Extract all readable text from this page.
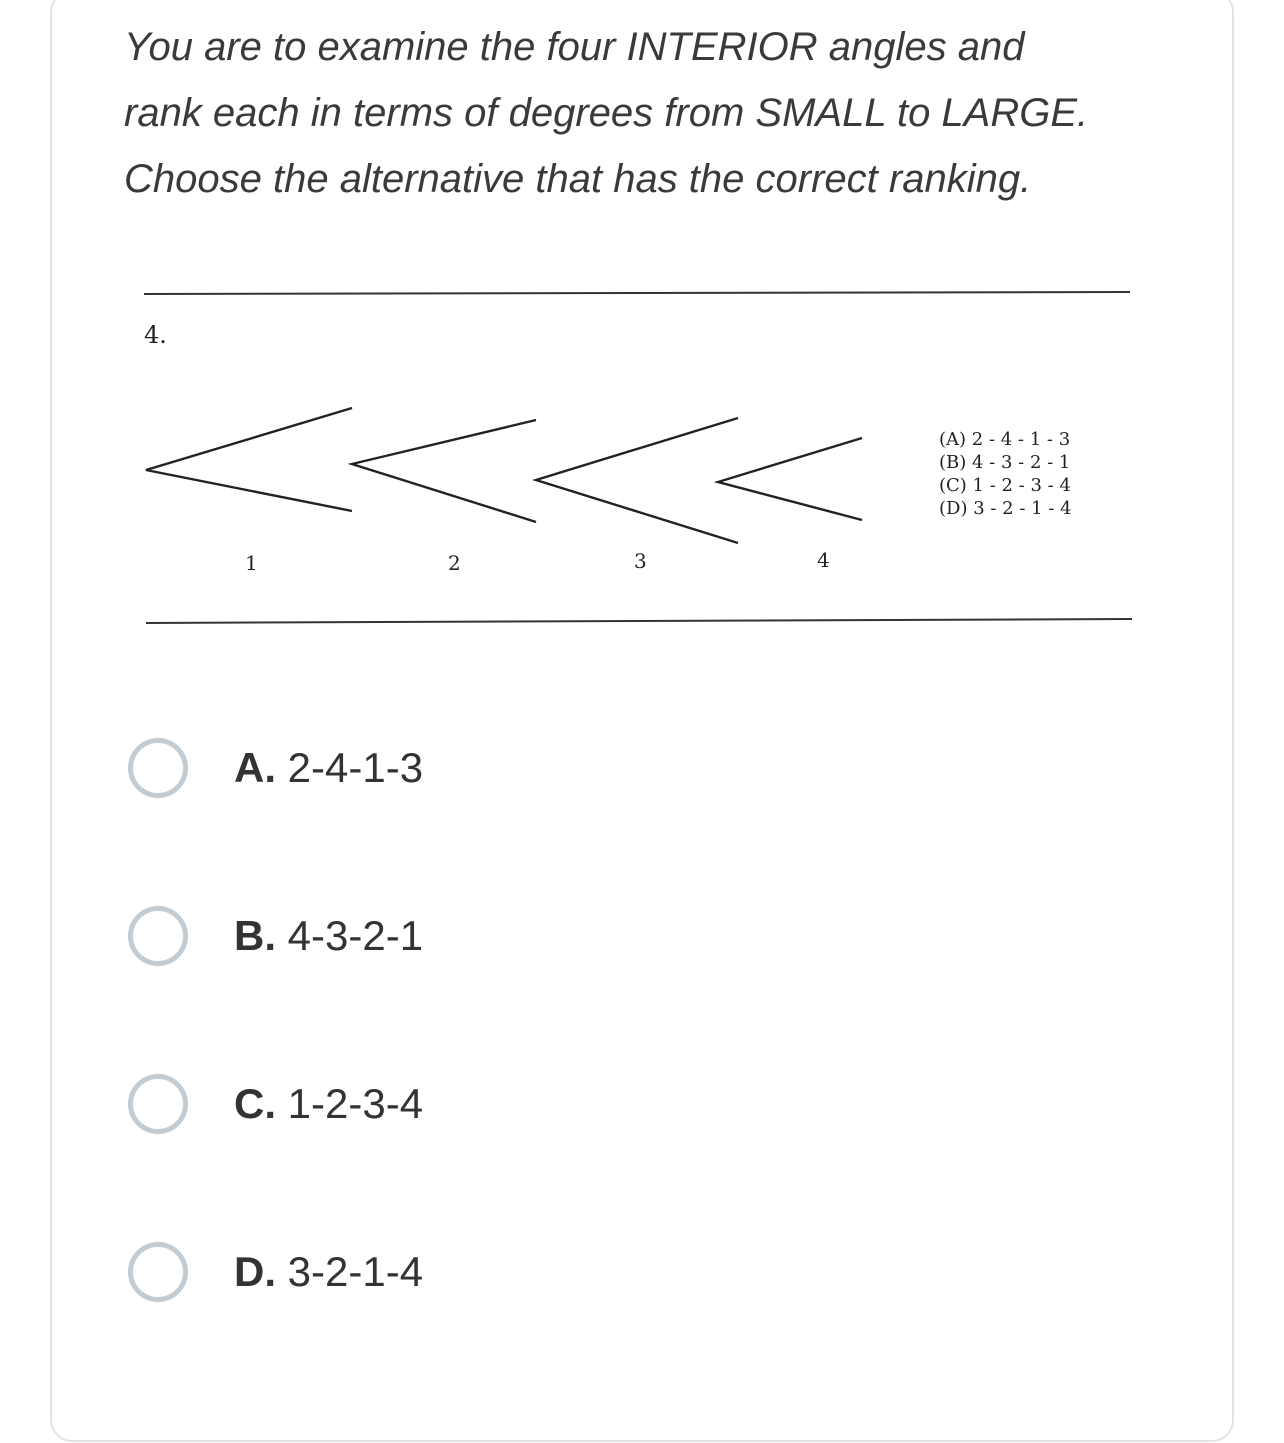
You are to examine the four INTERIOR angles and
rank each in terms of degrees from SMALL to LARGE.
Choose the alternative that has the correct ranking.
4.
1	2	3	4
(A) 2 - 4 - 1 - 3
(B) 4 - 3 - 2 - 1
(C) 1 - 2 - 3 - 4
(D) 3 - 2 - 1 - 4
A. 2-4-1-3
B. 4-3-2-1
C. 1-2-3-4
D. 3-2-1-4
